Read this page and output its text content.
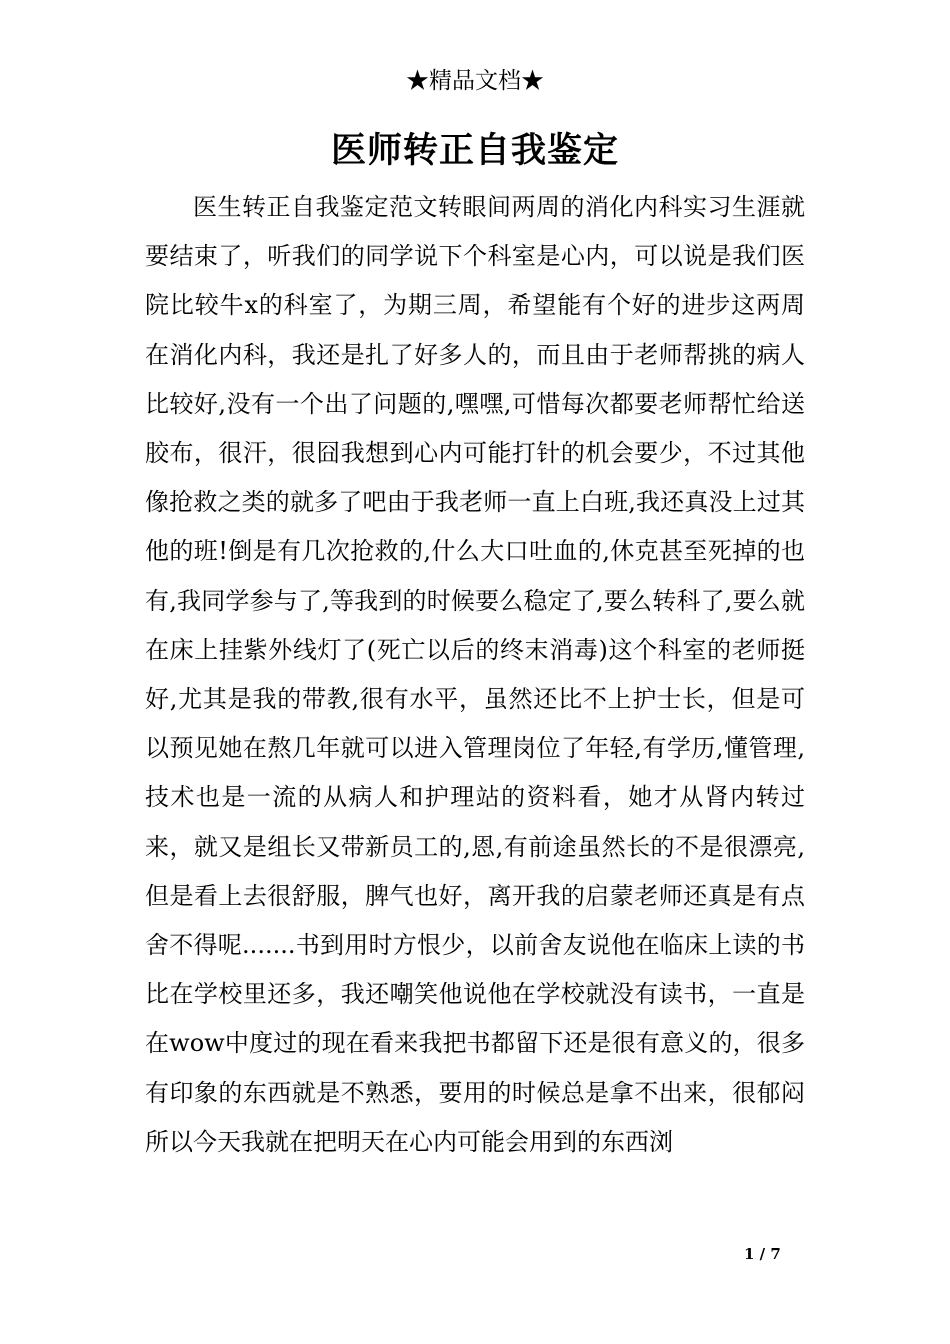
★精品文档★
医师转正自我鉴定

医生转正自我鉴定范文转眼间两周的消化内科实习生涯就要结束了，听我们的同学说下个科室是心内，可以说是我们医院比较牛x的科室了，为期三周，希望能有个好的进步这两周在消化内科，我还是扎了好多人的，而且由于老师帮挑的病人比较好,没有一个出了问题的,嘿嘿,可惜每次都要老师帮忙给送胶布，很汗，很囧我想到心内可能打针的机会要少，不过其他像抢救之类的就多了吧由于我老师一直上白班,我还真没上过其他的班!倒是有几次抢救的,什么大口吐血的,休克甚至死掉的也有,我同学参与了,等我到的时候要么稳定了,要么转科了,要么就在床上挂紫外线灯了(死亡以后的终末消毒)这个科室的老师挺好,尤其是我的带教,很有水平，虽然还比不上护士长，但是可以预见她在熬几年就可以进入管理岗位了年轻,有学历,懂管理,技术也是一流的从病人和护理站的资料看，她才从肾内转过来，就又是组长又带新员工的,恩,有前途虽然长的不是很漂亮,但是看上去很舒服，脾气也好，离开我的启蒙老师还真是有点舍不得呢.......书到用时方恨少，以前舍友说他在临床上读的书比在学校里还多，我还嘲笑他说他在学校就没有读书，一直是在wow中度过的现在看来我把书都留下还是很有意义的，很多有印象的东西就是不熟悉，要用的时候总是拿不出来，很郁闷所以今天我就在把明天在心内可能会用到的东西浏

1 / 7
